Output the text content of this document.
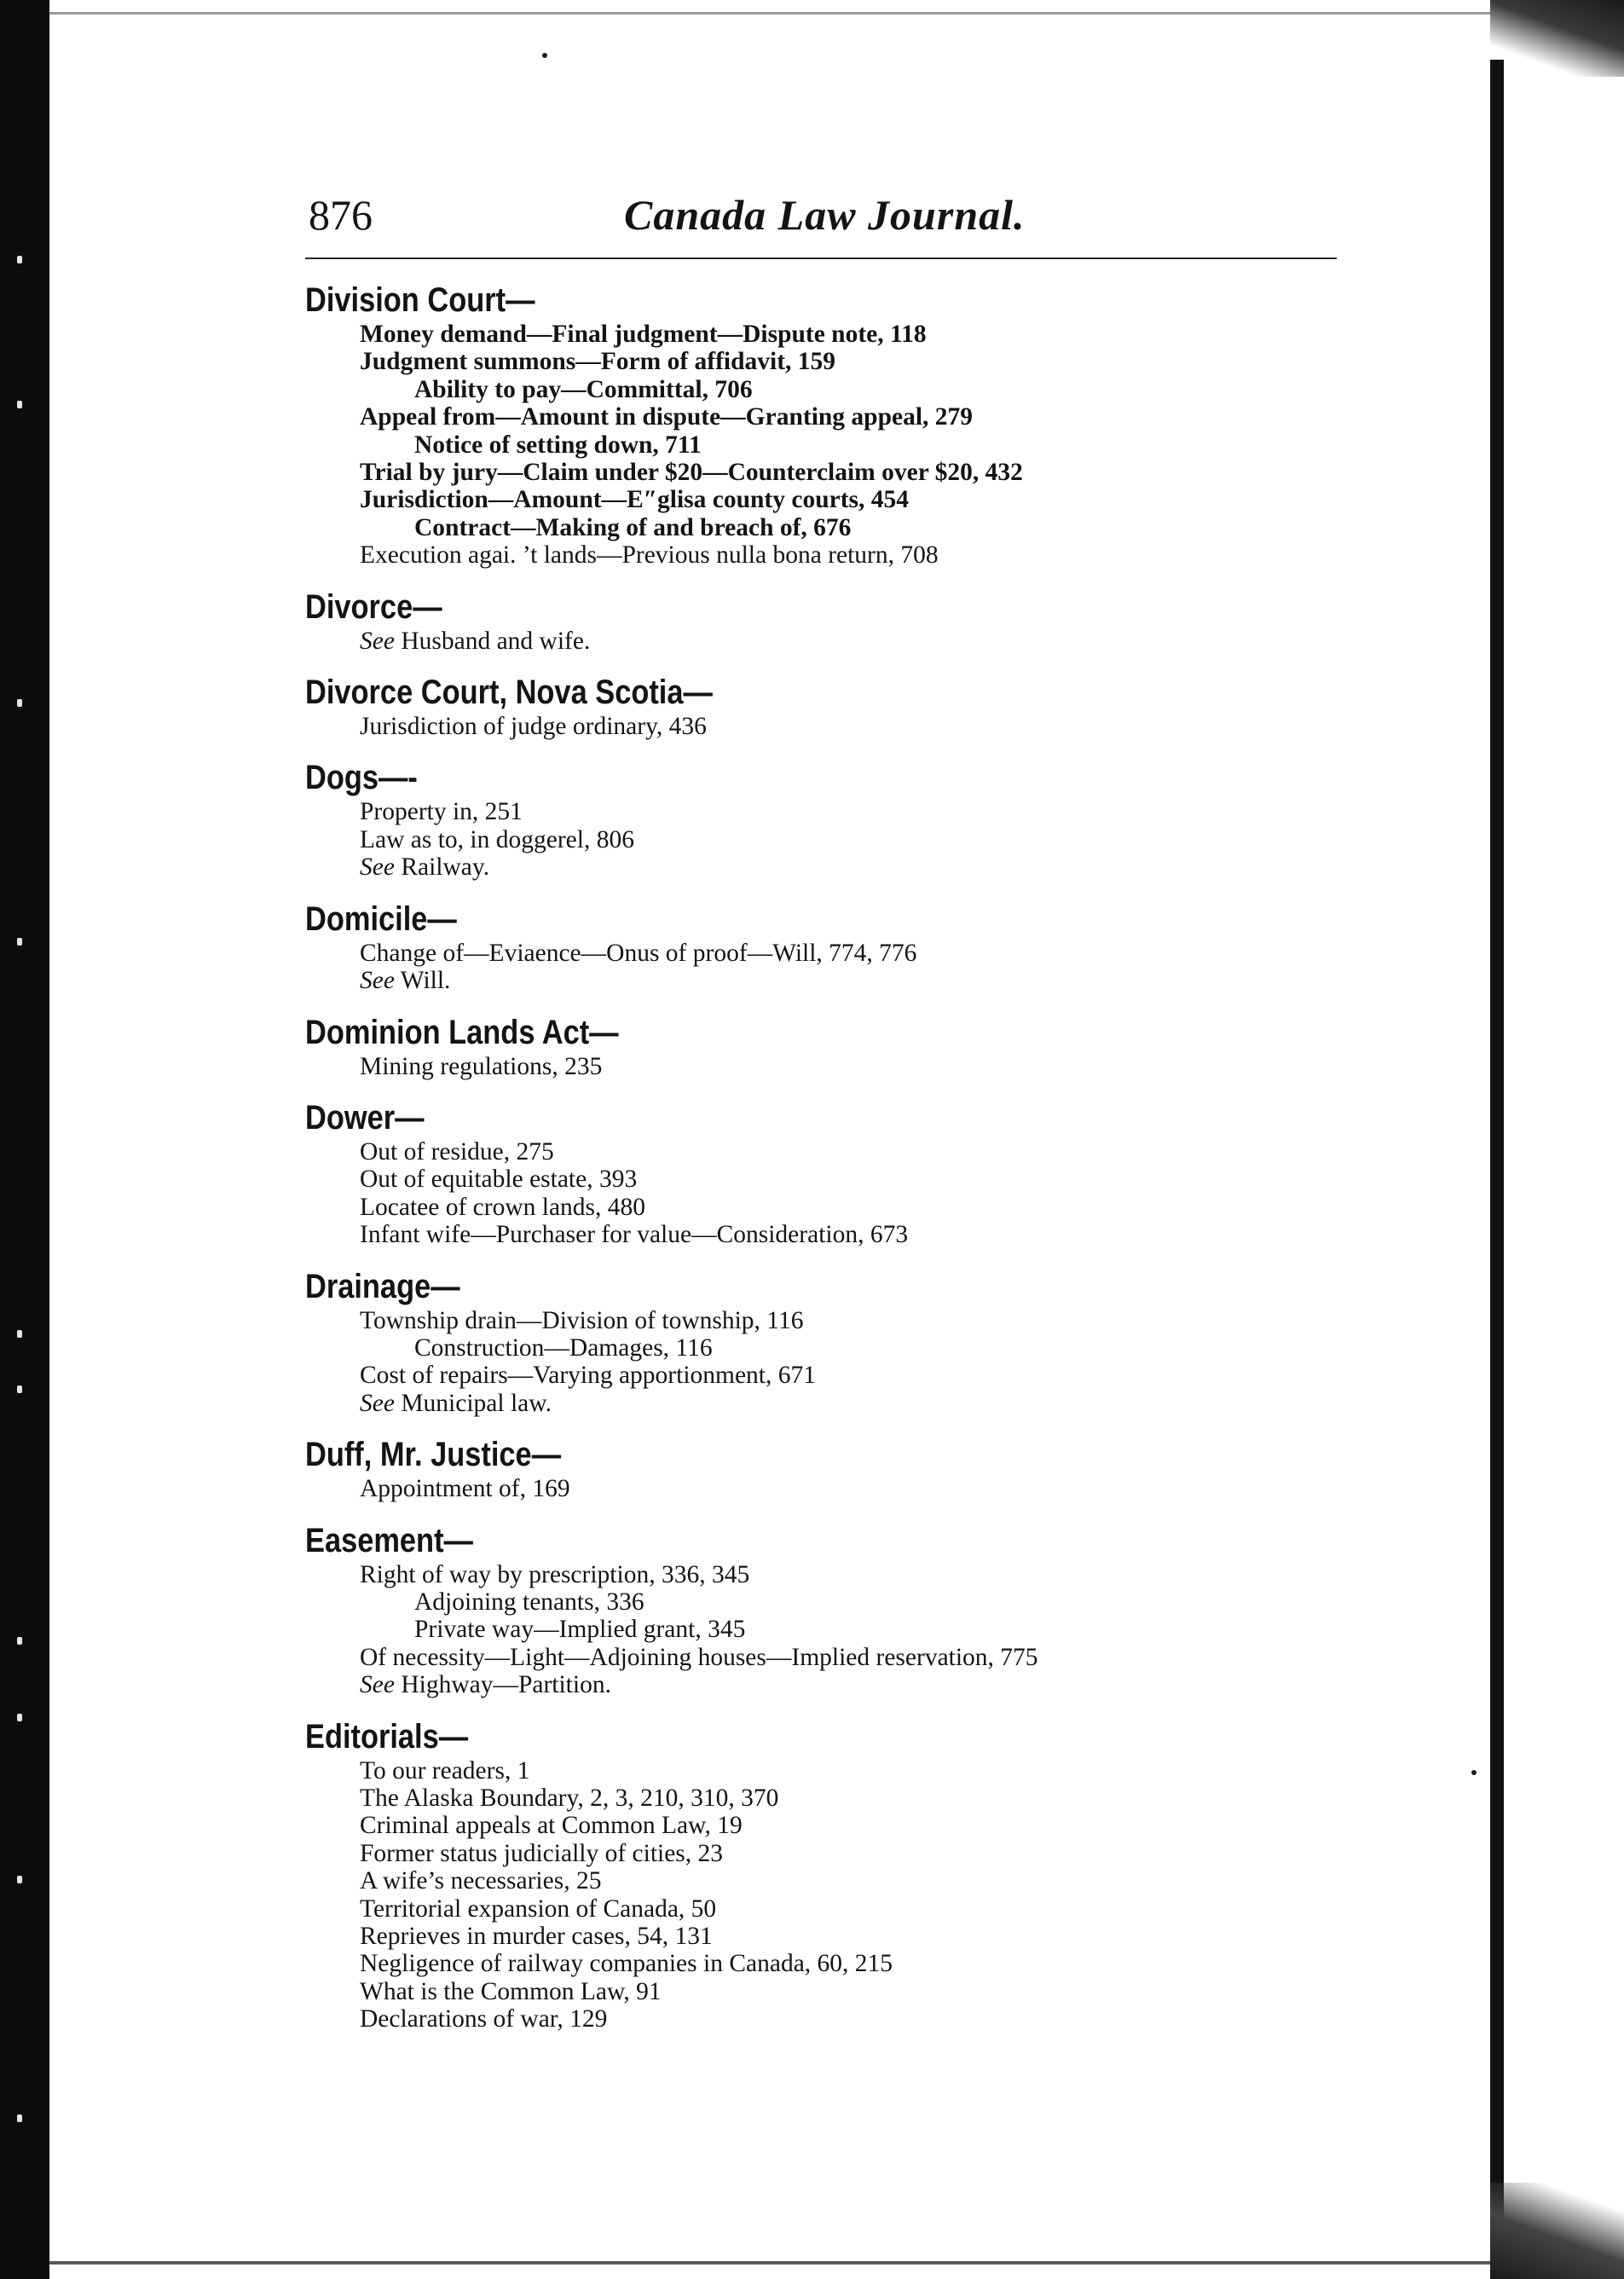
876	Canada Law Journal.
Division Court—
Money demand—Final judgment—Dispute note, 118
Judgment summons—Form of affidavit, 159
Ability to pay—Committal, 706
Appeal from—Amount in dispute—Granting appeal, 279
Notice of setting down, 711
Trial by jury—Claim under $20—Counterclaim over $20, 432
Jurisdiction—Amount—E″glisa county courts, 454
Contract—Making of and breach of, 676
Execution agai. ’t lands—Previous nulla bona return, 708
Divorce—
See Husband and wife.
Divorce Court, Nova Scotia—
Jurisdiction of judge ordinary, 436
Dogs—-
Property in, 251
Law as to, in doggerel, 806
See Railway.
Domicile—
Change of—Eviaence—Onus of proof—Will, 774, 776
See Will.
Dominion Lands Act—
Mining regulations, 235
Dower—
Out of residue, 275
Out of equitable estate, 393
Locatee of crown lands, 480
Infant wife—Purchaser for value—Consideration, 673
Drainage—
Township drain—Division of township, 116
Construction—Damages, 116
Cost of repairs—Varying apportionment, 671
See Municipal law.
Duff, Mr. Justice—
Appointment of, 169
Easement—
Right of way by prescription, 336, 345
Adjoining tenants, 336
Private way—Implied grant, 345
Of necessity—Light—Adjoining houses—Implied reservation, 775
See Highway—Partition.
Editorials—
To our readers, 1
The Alaska Boundary, 2, 3, 210, 310, 370
Criminal appeals at Common Law, 19
Former status judicially of cities, 23
A wife’s necessaries, 25
Territorial expansion of Canada, 50
Reprieves in murder cases, 54, 131
Negligence of railway companies in Canada, 60, 215
What is the Common Law, 91
Declarations of war, 129
